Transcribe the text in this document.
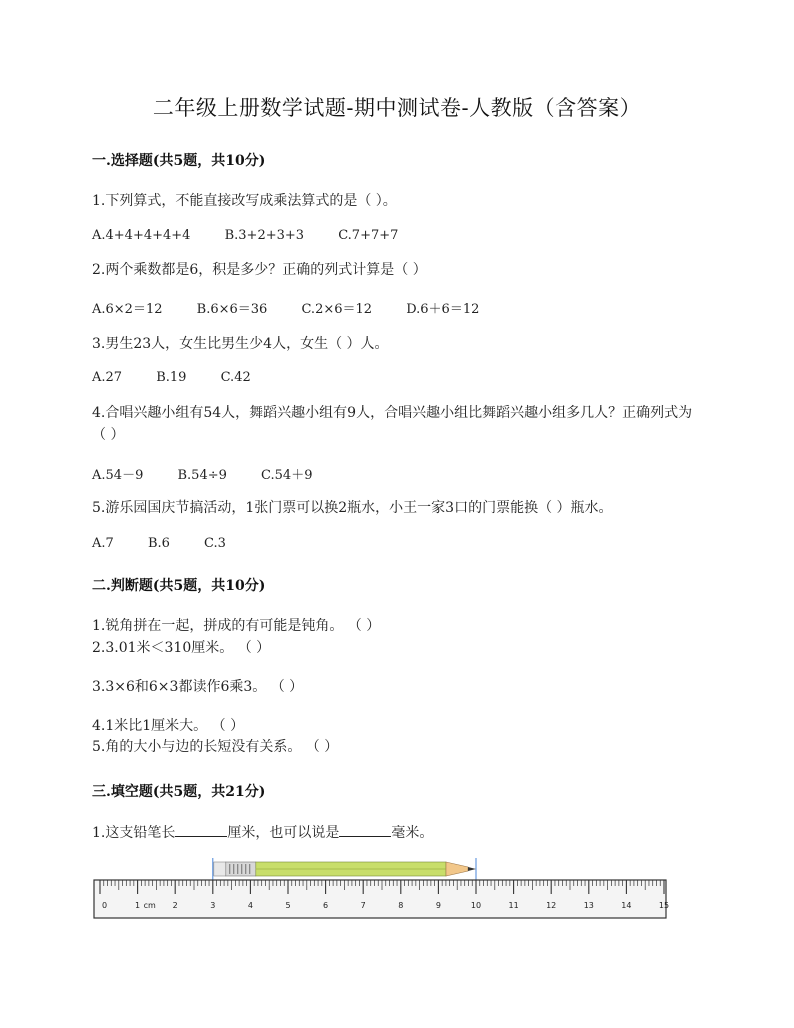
二年级上册数学试题-期中测试卷-人教版（含答案）
一.选择题(共5题，共10分)
1.下列算式，不能直接改写成乘法算式的是（ ）。
A.4+4+4+4+4	B.3+2+3+3	C.7+7+7
2.两个乘数都是6，积是多少？正确的列式计算是（ ）
A.6×2＝12	B.6×6＝36	C.2×6＝12	D.6＋6＝12
3.男生23人，女生比男生少4人，女生（ ）人。
A.27	B.19	C.42
4.合唱兴趣小组有54人，舞蹈兴趣小组有9人，合唱兴趣小组比舞蹈兴趣小组多几人？正确列式为（ ）
A.54－9	B.54÷9	C.54＋9
5.游乐园国庆节搞活动，1张门票可以换2瓶水，小王一家3口的门票能换（ ）瓶水。
A.7	B.6	C.3
二.判断题(共5题，共10分)
1.锐角拼在一起，拼成的有可能是钝角。 （ ）
2.3.01米＜310厘米。 （ ）
3.3×6和6×3都读作6乘3。 （ ）
4.1米比1厘米大。 （ ）
5.角的大小与边的长短没有关系。 （ ）
三.填空题(共5题，共21分)
1.这支铅笔长	厘米，也可以说是	毫米。
0	1	2	3	4	5	6	7	8	9	10	11	12	13	14	15
cm
